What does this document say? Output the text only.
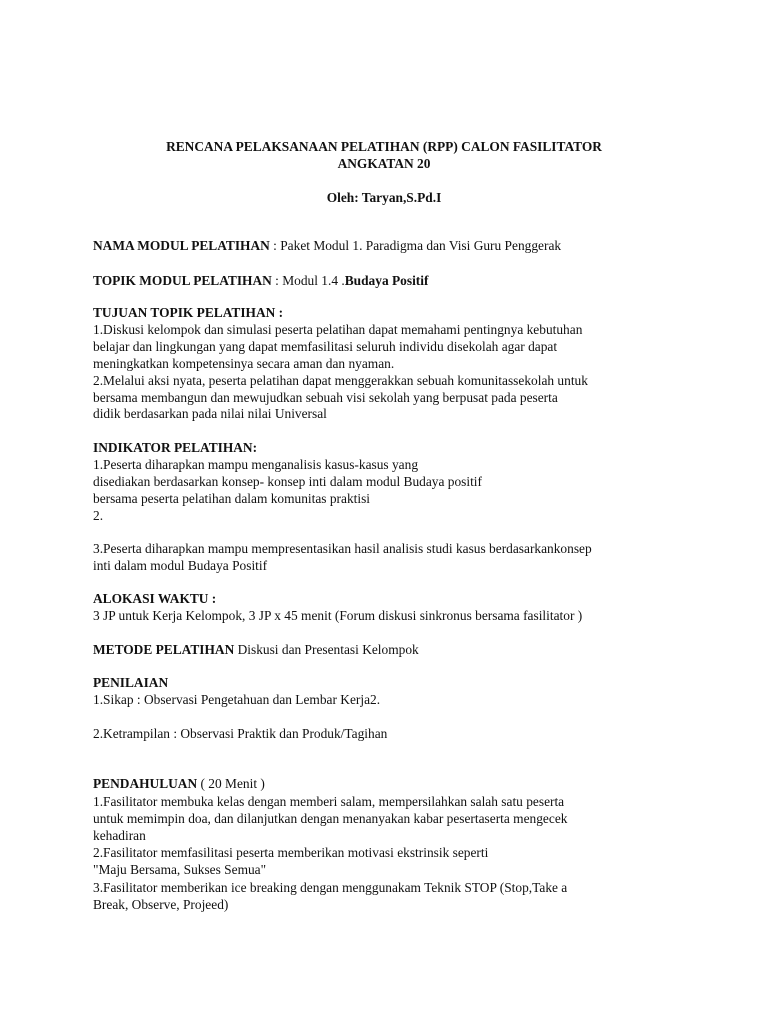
RENCANA PELAKSANAAN PELATIHAN (RPP) CALON FASILITATOR
ANGKATAN 20
Oleh: Taryan,S.Pd.I
NAMA MODUL PELATIHAN : Paket Modul 1. Paradigma dan Visi Guru Penggerak
TOPIK MODUL PELATIHAN : Modul 1.4 .Budaya Positif
TUJUAN TOPIK PELATIHAN :
1.Diskusi kelompok dan simulasi peserta pelatihan dapat memahami pentingnya kebutuhan
belajar dan lingkungan yang dapat memfasilitasi seluruh individu disekolah agar dapat
meningkatkan kompetensinya secara aman dan nyaman.
2.Melalui aksi nyata, peserta pelatihan dapat menggerakkan sebuah komunitassekolah untuk
bersama membangun dan mewujudkan sebuah visi sekolah yang berpusat pada peserta
didik berdasarkan pada nilai nilai Universal
INDIKATOR PELATIHAN:
1.Peserta diharapkan mampu menganalisis kasus-kasus yang
disediakan berdasarkan konsep- konsep inti dalam modul Budaya positif
bersama peserta pelatihan dalam komunitas praktisi
2.
3.Peserta diharapkan mampu mempresentasikan hasil analisis studi kasus berdasarkankonsep
inti dalam modul Budaya Positif
ALOKASI WAKTU :
3 JP untuk Kerja Kelompok, 3 JP x 45 menit (Forum diskusi sinkronus bersama fasilitator )
METODE PELATIHAN Diskusi dan Presentasi Kelompok
PENILAIAN
1.Sikap : Observasi Pengetahuan dan Lembar Kerja2.
2.Ketrampilan : Observasi Praktik dan Produk/Tagihan
PENDAHULUAN ( 20 Menit )
1.Fasilitator membuka kelas dengan memberi salam, mempersilahkan salah satu peserta
untuk memimpin doa, dan dilanjutkan dengan menanyakan kabar pesertaserta mengecek
kehadiran
2.Fasilitator memfasilitasi peserta memberikan motivasi ekstrinsik seperti
"Maju Bersama, Sukses Semua"
3.Fasilitator memberikan ice breaking dengan menggunakam Teknik STOP (Stop,Take a
Break, Observe, Projeed)
